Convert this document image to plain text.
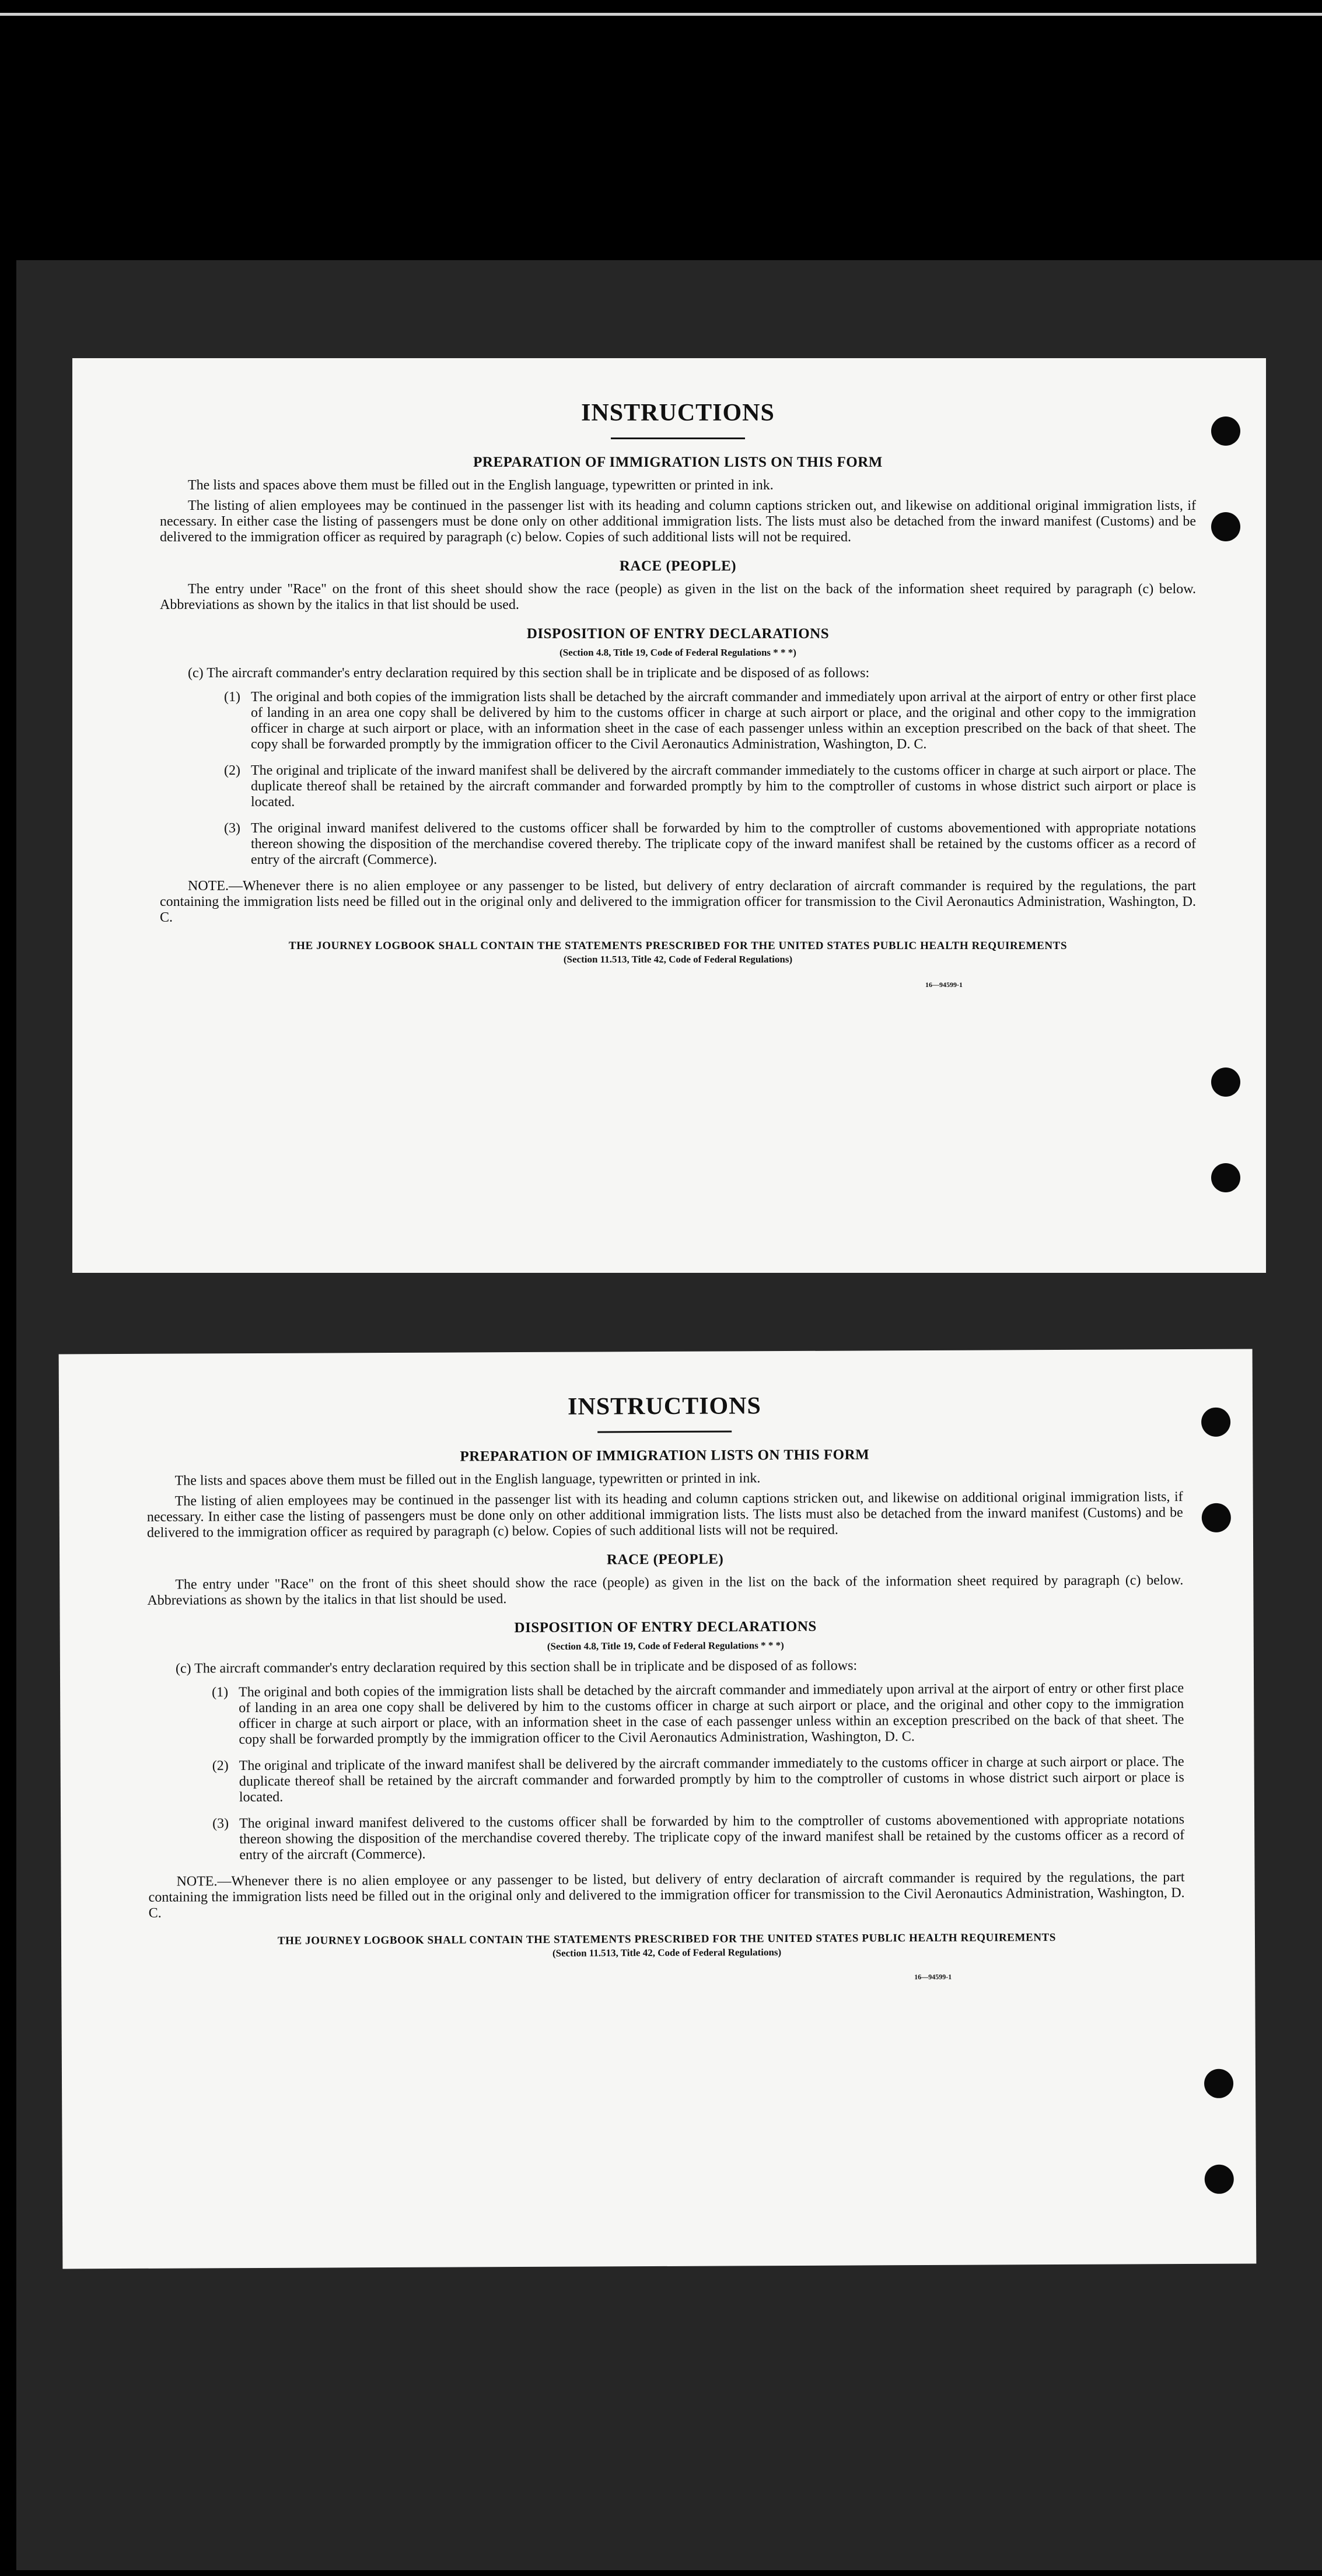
INSTRUCTIONS
PREPARATION OF IMMIGRATION LISTS ON THIS FORM

The lists and spaces above them must be filled out in the English language, typewritten or printed in ink.

The listing of alien employees may be continued in the passenger list with its heading and column captions stricken out, and likewise on additional original immigration lists, if necessary. In either case the listing of passengers must be done only on other additional immigration lists. The lists must also be detached from the inward manifest (Customs) and be delivered to the immigration officer as required by paragraph (c) below. Copies of such additional lists will not be required.

RACE (PEOPLE)

The entry under "Race" on the front of this sheet should show the race (people) as given in the list on the back of the information sheet required by paragraph (c) below. Abbreviations as shown by the italics in that list should be used.

DISPOSITION OF ENTRY DECLARATIONS
(Section 4.8, Title 19, Code of Federal Regulations * * *)

(c) The aircraft commander's entry declaration required by this section shall be in triplicate and be disposed of as follows:

(1) The original and both copies of the immigration lists shall be detached by the aircraft commander and immediately upon arrival at the airport of entry or other first place of landing in an area one copy shall be delivered by him to the customs officer in charge at such airport or place, and the original and other copy to the immigration officer in charge at such airport or place, with an information sheet in the case of each passenger unless within an exception prescribed on the back of that sheet. The copy shall be forwarded promptly by the immigration officer to the Civil Aeronautics Administration, Washington, D. C.
(2) The original and triplicate of the inward manifest shall be delivered by the aircraft commander immediately to the customs officer in charge at such airport or place. The duplicate thereof shall be retained by the aircraft commander and forwarded promptly by him to the comptroller of customs in whose district such airport or place is located.
(3) The original inward manifest delivered to the customs officer shall be forwarded by him to the comptroller of customs abovementioned with appropriate notations thereon showing the disposition of the merchandise covered thereby. The triplicate copy of the inward manifest shall be retained by the customs officer as a record of entry of the aircraft (Commerce).

NOTE.—Whenever there is no alien employee or any passenger to be listed, but delivery of entry declaration of aircraft commander is required by the regulations, the part containing the immigration lists need be filled out in the original only and delivered to the immigration officer for transmission to the Civil Aeronautics Administration, Washington, D. C.

THE JOURNEY LOGBOOK SHALL CONTAIN THE STATEMENTS PRESCRIBED FOR THE UNITED STATES PUBLIC HEALTH REQUIREMENTS
(Section 11.513, Title 42, Code of Federal Regulations)
16—94599-1
INSTRUCTIONS
PREPARATION OF IMMIGRATION LISTS ON THIS FORM

The lists and spaces above them must be filled out in the English language, typewritten or printed in ink.

The listing of alien employees may be continued in the passenger list with its heading and column captions stricken out, and likewise on additional original immigration lists, if necessary. In either case the listing of passengers must be done only on other additional immigration lists. The lists must also be detached from the inward manifest (Customs) and be delivered to the immigration officer as required by paragraph (c) below. Copies of such additional lists will not be required.

RACE (PEOPLE)

The entry under "Race" on the front of this sheet should show the race (people) as given in the list on the back of the information sheet required by paragraph (c) below. Abbreviations as shown by the italics in that list should be used.

DISPOSITION OF ENTRY DECLARATIONS
(Section 4.8, Title 19, Code of Federal Regulations * * *)

(c) The aircraft commander's entry declaration required by this section shall be in triplicate and be disposed of as follows:

(1) The original and both copies of the immigration lists shall be detached by the aircraft commander and immediately upon arrival at the airport of entry or other first place of landing in an area one copy shall be delivered by him to the customs officer in charge at such airport or place, and the original and other copy to the immigration officer in charge at such airport or place, with an information sheet in the case of each passenger unless within an exception prescribed on the back of that sheet. The copy shall be forwarded promptly by the immigration officer to the Civil Aeronautics Administration, Washington, D. C.
(2) The original and triplicate of the inward manifest shall be delivered by the aircraft commander immediately to the customs officer in charge at such airport or place. The duplicate thereof shall be retained by the aircraft commander and forwarded promptly by him to the comptroller of customs in whose district such airport or place is located.
(3) The original inward manifest delivered to the customs officer shall be forwarded by him to the comptroller of customs abovementioned with appropriate notations thereon showing the disposition of the merchandise covered thereby. The triplicate copy of the inward manifest shall be retained by the customs officer as a record of entry of the aircraft (Commerce).

NOTE.—Whenever there is no alien employee or any passenger to be listed, but delivery of entry declaration of aircraft commander is required by the regulations, the part containing the immigration lists need be filled out in the original only and delivered to the immigration officer for transmission to the Civil Aeronautics Administration, Washington, D. C.

THE JOURNEY LOGBOOK SHALL CONTAIN THE STATEMENTS PRESCRIBED FOR THE UNITED STATES PUBLIC HEALTH REQUIREMENTS
(Section 11.513, Title 42, Code of Federal Regulations)
16—94599-1
